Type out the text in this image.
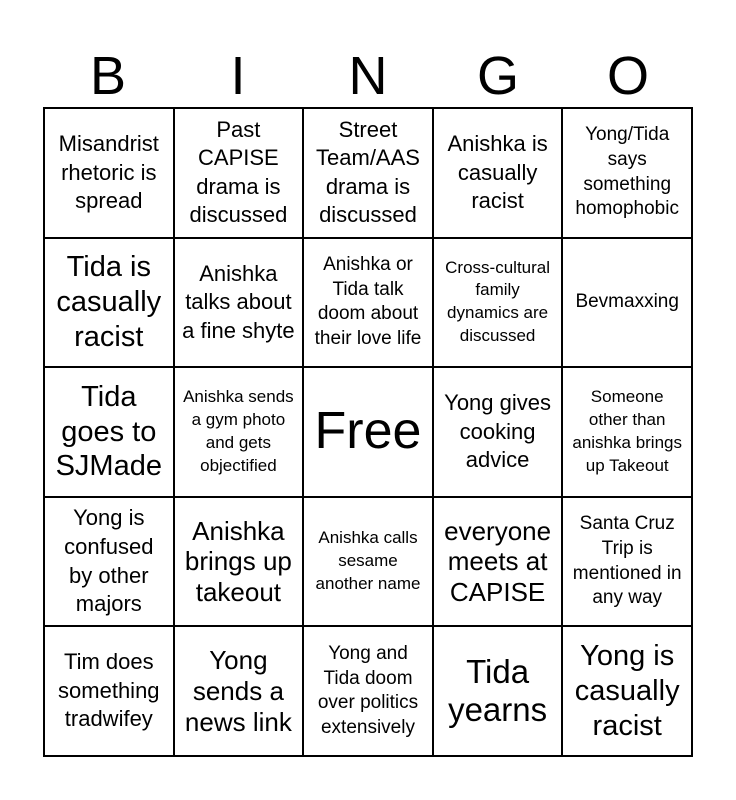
B	I	N	G	O
Misandrist rhetoric is spread
Past CAPISE drama is discussed
Street Team/AAS drama is discussed
Anishka is casually racist
Yong/Tida says something homophobic
Tida is casually racist
Anishka talks about a fine shyte
Anishka or Tida talk doom about their love life
Cross-cultural family dynamics are discussed
Bevmaxxing
Tida goes to SJMade
Anishka sends a gym photo and gets objectified
Free Yong gives cooking advice
Someone other than anishka brings up Takeout
Yong is confused by other majors
Anishka brings up takeout
Anishka calls sesame another name
everyone meets at CAPISE
Santa Cruz Trip is mentioned in any way
Tim does something tradwifey
Yong sends a news link
Yong and Tida doom over politics extensively
Tida yearns
Yong is casually racist
